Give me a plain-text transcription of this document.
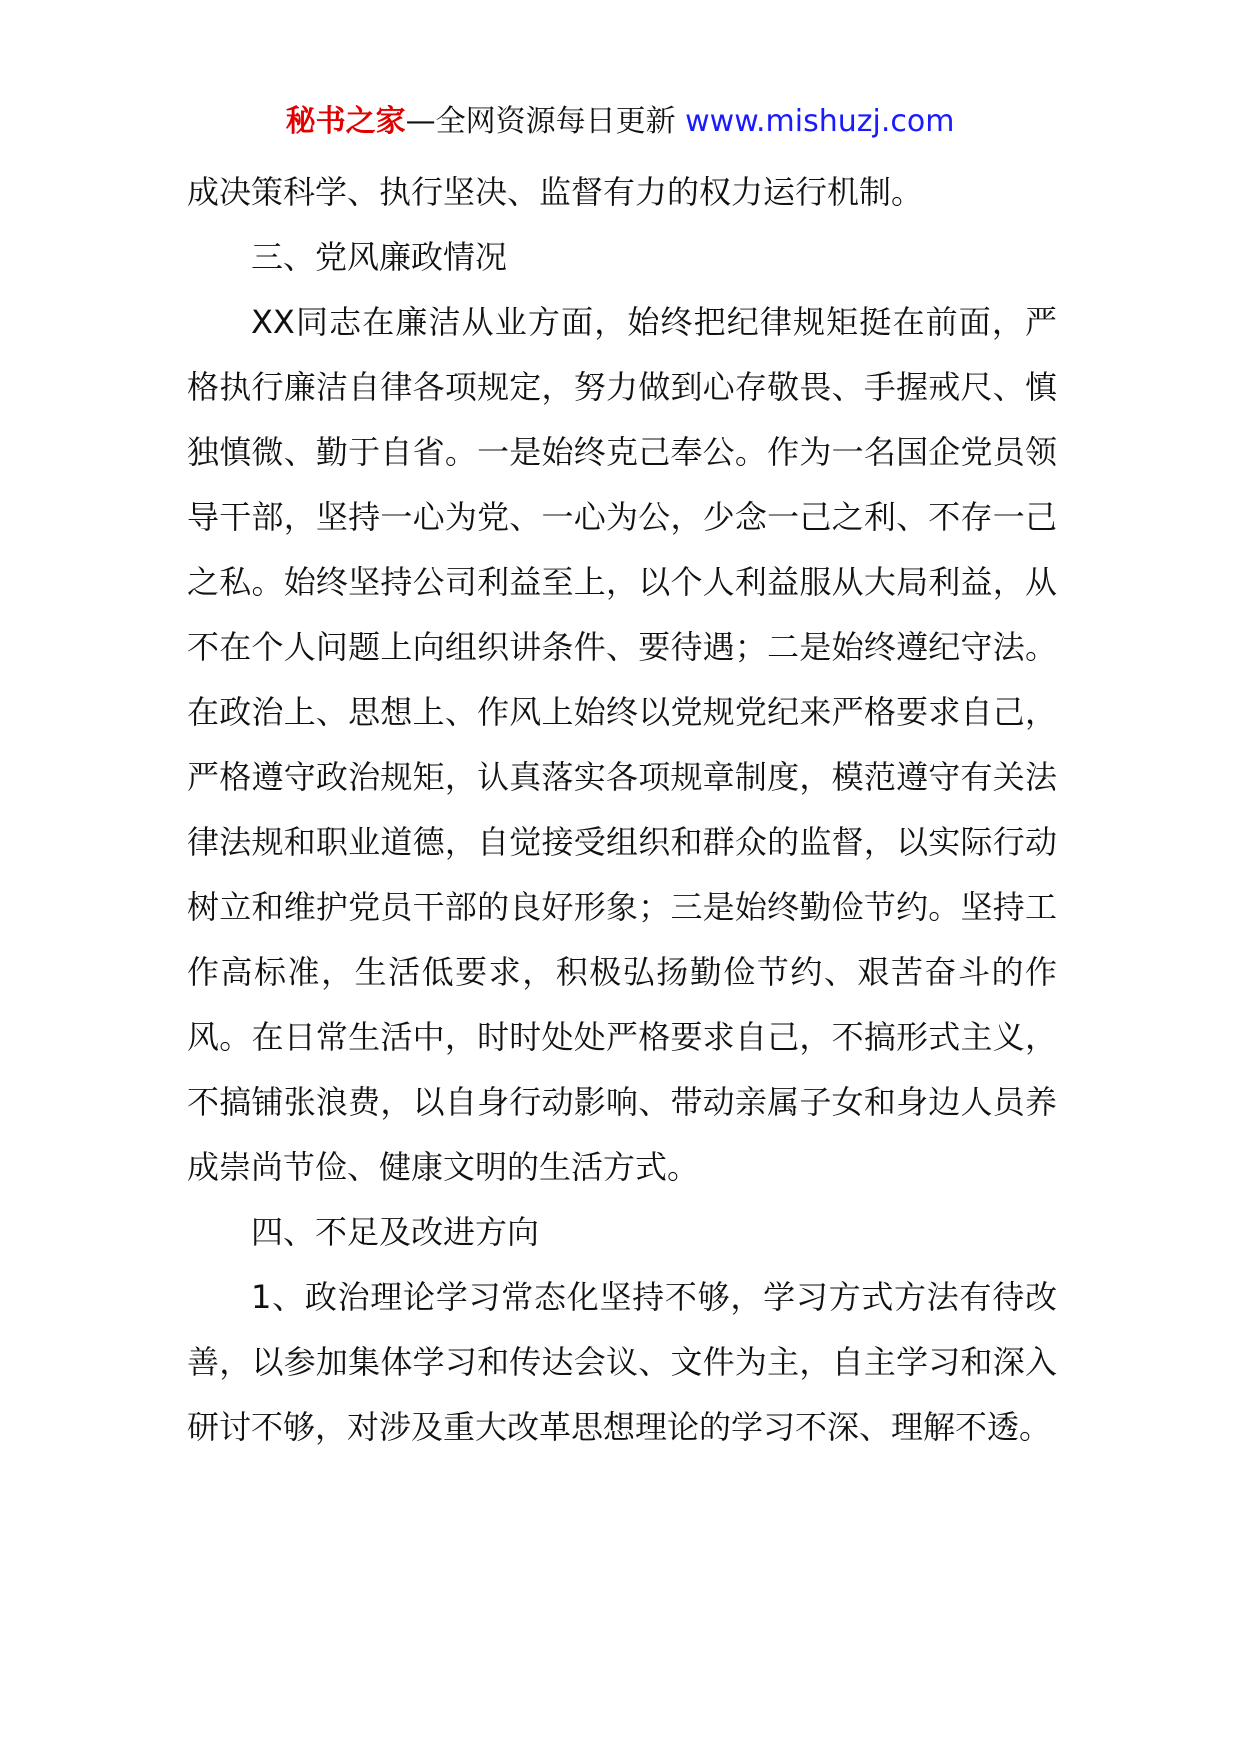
秘书之家—全网资源每日更新 www.mishuzj.com

成决策科学、执行坚决、监督有力的权力运行机制。

三、党风廉政情况

XX同志在廉洁从业方面，始终把纪律规矩挺在前面，严格执行廉洁自律各项规定，努力做到心存敬畏、手握戒尺、慎独慎微、勤于自省。一是始终克己奉公。作为一名国企党员领导干部，坚持一心为党、一心为公，少念一己之利、不存一己之私。始终坚持公司利益至上，以个人利益服从大局利益，从不在个人问题上向组织讲条件、要待遇；二是始终遵纪守法。在政治上、思想上、作风上始终以党规党纪来严格要求自己，严格遵守政治规矩，认真落实各项规章制度，模范遵守有关法律法规和职业道德，自觉接受组织和群众的监督，以实际行动树立和维护党员干部的良好形象；三是始终勤俭节约。坚持工作高标准，生活低要求，积极弘扬勤俭节约、艰苦奋斗的作风。在日常生活中，时时处处严格要求自己，不搞形式主义，不搞铺张浪费，以自身行动影响、带动亲属子女和身边人员养成崇尚节俭、健康文明的生活方式。

四、不足及改进方向

1、政治理论学习常态化坚持不够，学习方式方法有待改善，以参加集体学习和传达会议、文件为主，自主学习和深入研讨不够，对涉及重大改革思想理论的学习不深、理解不透。
